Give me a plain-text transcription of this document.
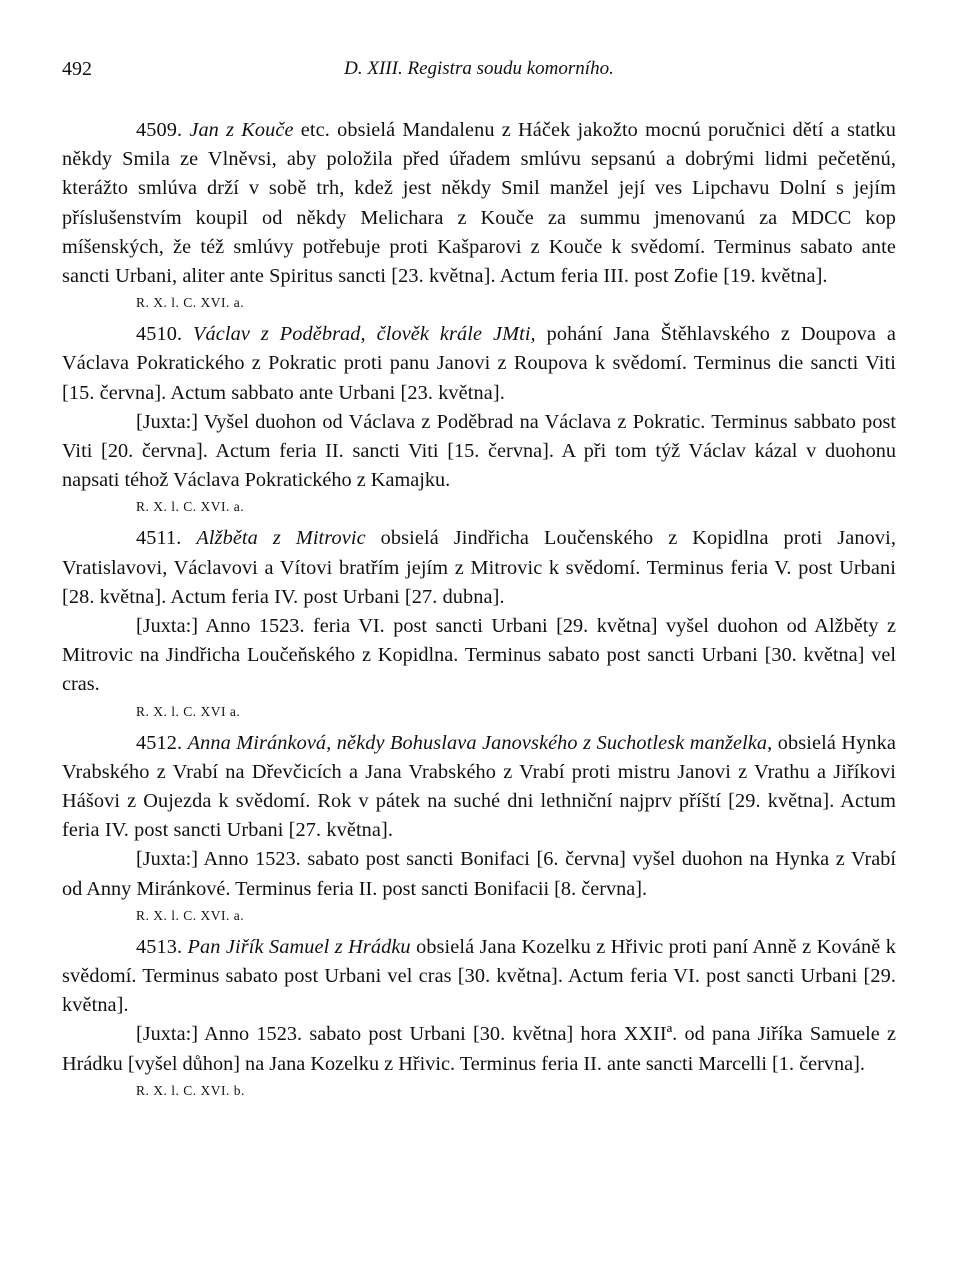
492	D. XIII. Registra soudu komorního.

4509. Jan z Kouče etc. obsielá Mandalenu z Háček jakožto mocnú poručnici dětí a statku někdy Smila ze Vlněvsi, aby položila před úřadem smlúvu sepsanú a dobrými lidmi pečetěnú, kterážto smlúva drží v sobě trh, kdež jest někdy Smil manžel její ves Lipchavu Dolní s jejím příslušenstvím koupil od někdy Melichara z Kouče za summu jmenovanú za MDCC kop míšenských, že též smlúvy potřebuje proti Kašparovi z Kouče k svědomí. Terminus sabato ante sancti Urbani, aliter ante Spiritus sancti [23. května]. Actum feria III. post Zofie [19. května].

R. X. l. C. XVI. a.

4510. Václav z Poděbrad, člověk krále JMti, pohání Jana Štěhlavského z Doupova a Václava Pokratického z Pokratic proti panu Janovi z Roupova k svědomí. Terminus die sancti Viti [15. června]. Actum sabbato ante Urbani [23. května].

[Juxta:] Vyšel duohon od Václava z Poděbrad na Václava z Pokratic. Terminus sabbato post Viti [20. června]. Actum feria II. sancti Viti [15. června]. A při tom týž Václav kázal v duohonu napsati téhož Václava Pokratického z Kamajku.

R. X. l. C. XVI. a.

4511. Alžběta z Mitrovic obsielá Jindřicha Loučenského z Kopidlna proti Janovi, Vratislavovi, Václavovi a Vítovi bratřím jejím z Mitrovic k svědomí. Terminus feria V. post Urbani [28. května]. Actum feria IV. post Urbani [27. dubna].

[Juxta:] Anno 1523. feria VI. post sancti Urbani [29. května] vyšel duohon od Alžběty z Mitrovic na Jindřicha Loučeňského z Kopidlna. Terminus sabato post sancti Urbani [30. května] vel cras.

R. X. l. C. XVI a.

4512. Anna Miránková, někdy Bohuslava Janovského z Suchotlesk manželka, obsielá Hynka Vrabského z Vrabí na Dřevčicích a Jana Vrabského z Vrabí proti mistru Janovi z Vrathu a Jiříkovi Hášovi z Oujezda k svědomí. Rok v pátek na suché dni lethniční najprv příští [29. května]. Actum feria IV. post sancti Urbani [27. května].

[Juxta:] Anno 1523. sabato post sancti Bonifaci [6. června] vyšel duohon na Hynka z Vrabí od Anny Miránkové. Terminus feria II. post sancti Bonifacii [8. června].

R. X. l. C. XVI. a.

4513. Pan Jiřík Samuel z Hrádku obsielá Jana Kozelku z Hřivic proti paní Anně z Kováně k svědomí. Terminus sabato post Urbani vel cras [30. května]. Actum feria VI. post sancti Urbani [29. května].

[Juxta:] Anno 1523. sabato post Urbani [30. května] hora XXIIª. od pana Jiříka Samuele z Hrádku [vyšel důhon] na Jana Kozelku z Hřivic. Terminus feria II. ante sancti Marcelli [1. června].

R. X. l. C. XVI. b.
